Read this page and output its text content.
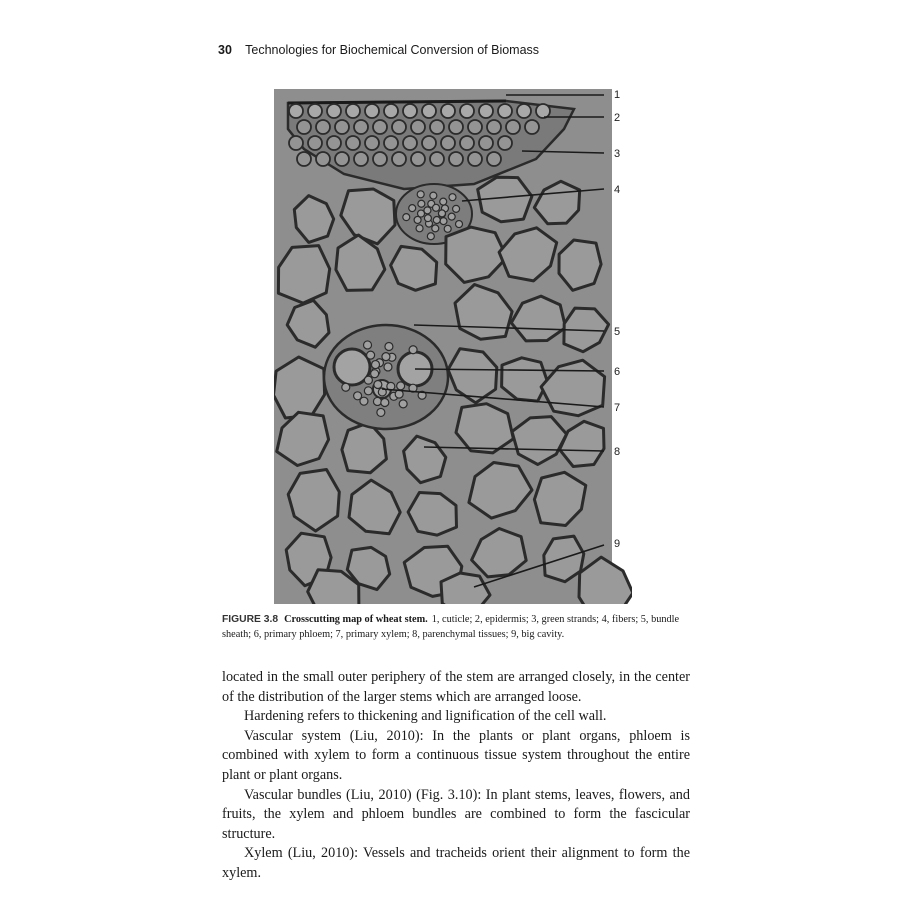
30 Technologies for Biochemical Conversion of Biomass
1
2
3
4
5
6
7
8
9
FIGURE 3.8 Crosscutting map of wheat stem. 1, cuticle; 2, epidermis; 3, green strands; 4, fibers; 5, bundle sheath; 6, primary phloem; 7, primary xylem; 8, parenchymal tissues; 9, big cavity.

located in the small outer periphery of the stem are arranged closely, in the center of the distribution of the larger stems which are arranged loose.

Hardening refers to thickening and lignification of the cell wall.

Vascular system (Liu, 2010): In the plants or plant organs, phloem is combined with xylem to form a continuous tissue system throughout the entire plant or plant organs.

Vascular bundles (Liu, 2010) (Fig. 3.10): In plant stems, leaves, flowers, and fruits, the xylem and phloem bundles are combined to form the fascicular structure.

Xylem (Liu, 2010): Vessels and tracheids orient their alignment to form the xylem.
